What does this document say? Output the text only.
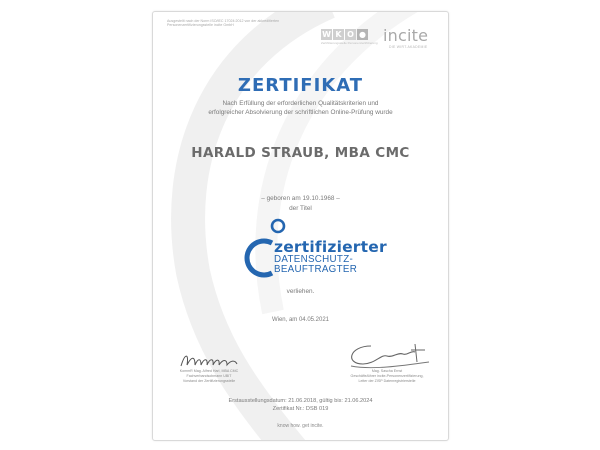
Ausgestellt nach der Norm ISO/IEC 17024:2012 von der akkreditierten Personenzertifizierungsstelle incite GmbH
W K O ●
Zertifizierungsstelle Personenzertifizierung incite
DIE WIRT.AKADEMIE
ZERTIFIKAT
Nach Erfüllung der erforderlichen Qualitätskriterien und
erfolgreicher Absolvierung der schriftlichen Online-Prüfung wurde
HARALD STRAUB, MBA CMC
– geboren am 19.10.1968 –
der Titel
zertifizierter
DATENSCHUTZ-
BEAUFTRAGTER
verliehen.
Wien, am 04.05.2021
KommR Mag. Alfred Harl, MBA CMC
Fachverbandsobmann UBIT
Vorstand der Zertifizierungsstelle
Mag. Sascha Ernst
Geschäftsführer incite-Personenzertifizierung,
Leiter der ZISP Datenregistrierstelle
Erstausstellungsdatum: 21.06.2018, gültig bis: 21.06.2024
Zertifikat Nr.: DSB 019
know how. get incite.
